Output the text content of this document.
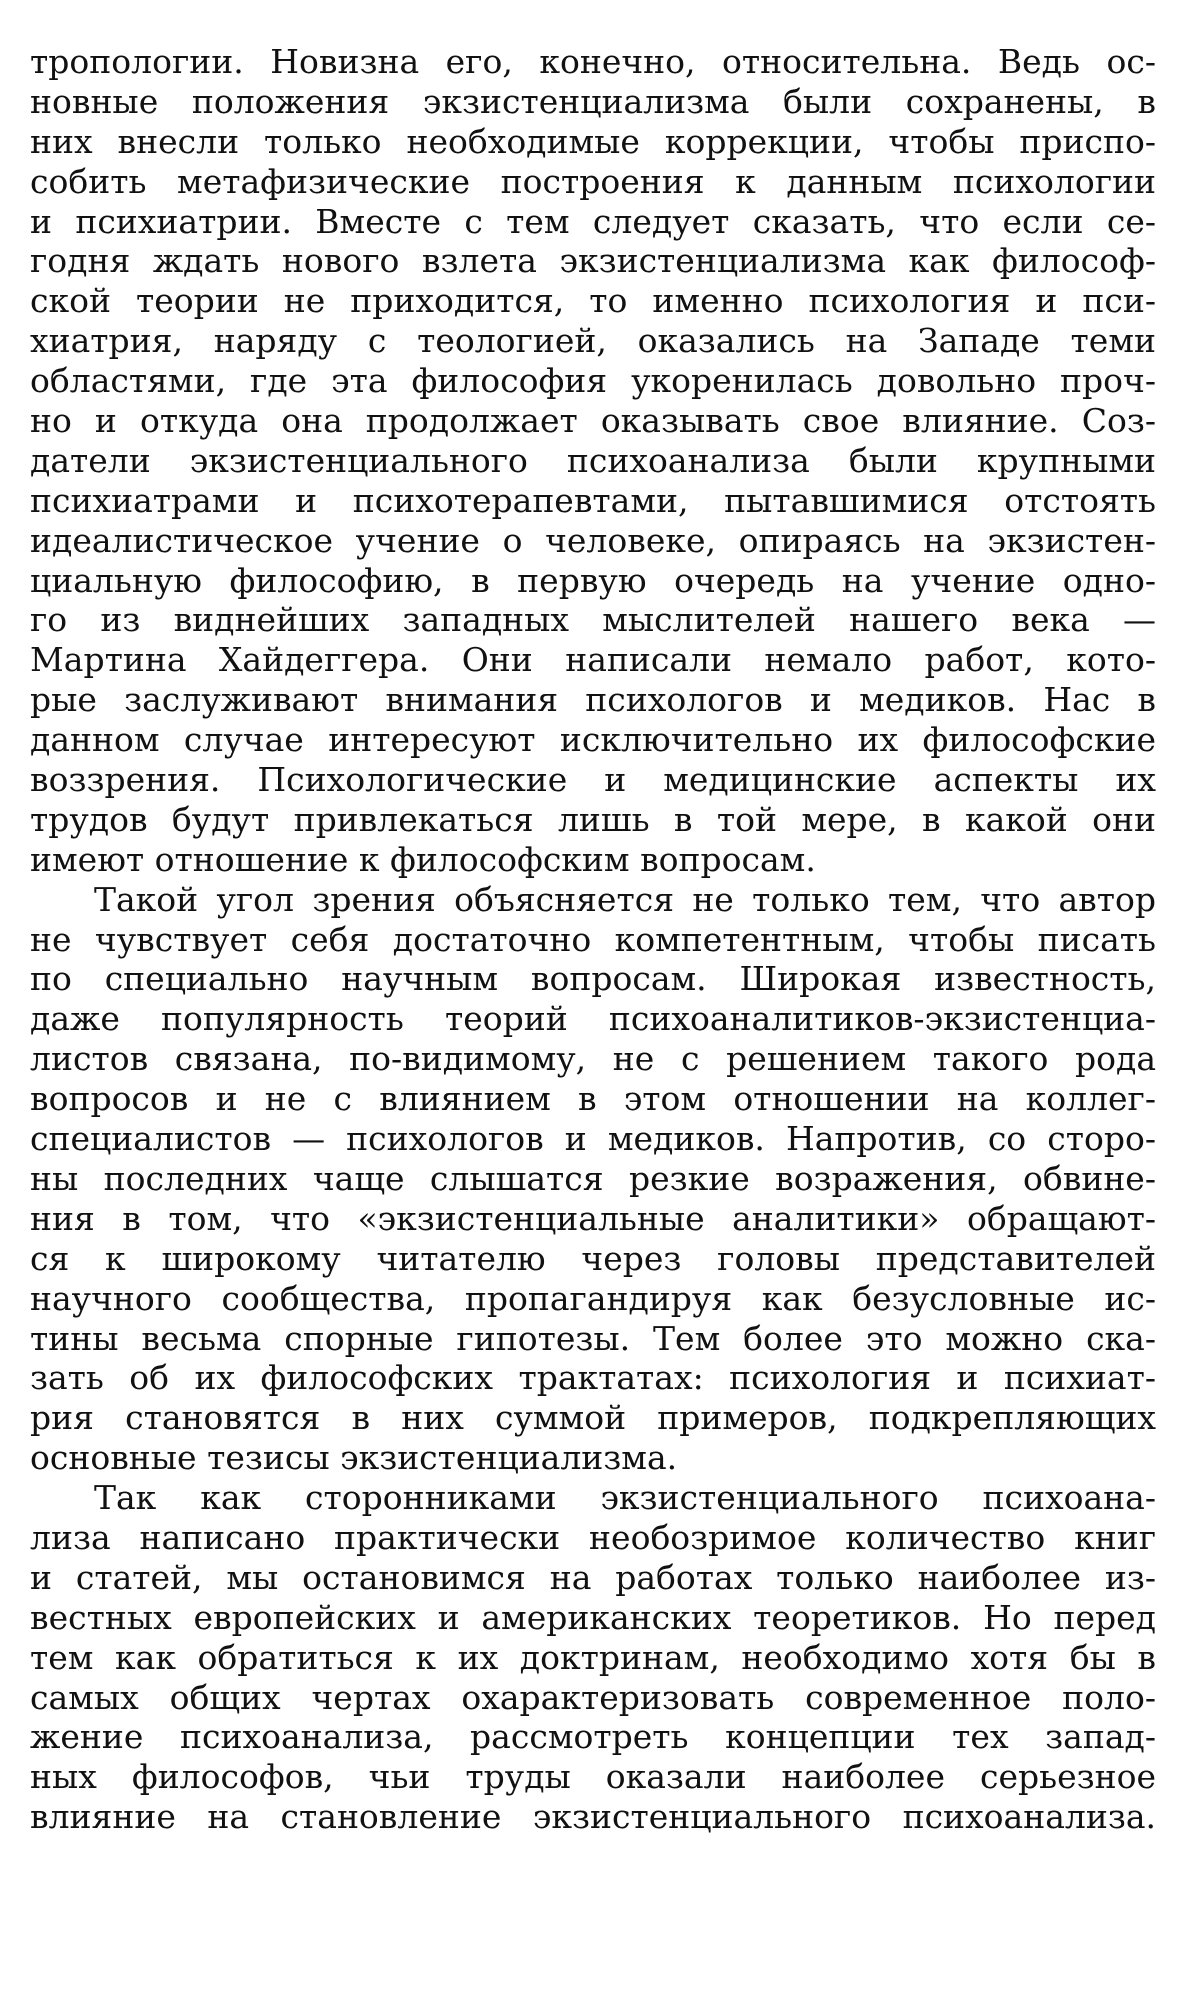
тропологии. Новизна его, конечно, относительна. Ведь ос-
новные положения экзистенциализма были сохранены, в
них внесли только необходимые коррекции, чтобы приспо-
собить метафизические построения к данным психологии
и психиатрии. Вместе с тем следует сказать, что если се-
годня ждать нового взлета экзистенциализма как философ-
ской теории не приходится, то именно психология и пси-
хиатрия, наряду с теологией, оказались на Западе теми
областями, где эта философия укоренилась довольно проч-
но и откуда она продолжает оказывать свое влияние. Соз-
датели экзистенциального психоанализа были крупными
психиатрами и психотерапевтами, пытавшимися отстоять
идеалистическое учение о человеке, опираясь на экзистен-
циальную философию, в первую очередь на учение одно-
го из виднейших западных мыслителей нашего века —
Мартина Хайдеггера. Они написали немало работ, кото-
рые заслуживают внимания психологов и медиков. Нас в
данном случае интересуют исключительно их философские
воззрения. Психологические и медицинские аспекты их
трудов будут привлекаться лишь в той мере, в какой они
имеют отношение к философским вопросам.
Такой угол зрения объясняется не только тем, что автор
не чувствует себя достаточно компетентным, чтобы писать
по специально научным вопросам. Широкая известность,
даже популярность теорий психоаналитиков-экзистенциа-
листов связана, по-видимому, не с решением такого рода
вопросов и не с влиянием в этом отношении на коллег-
специалистов — психологов и медиков. Напротив, со сторо-
ны последних чаще слышатся резкие возражения, обвине-
ния в том, что «экзистенциальные аналитики» обращают-
ся к широкому читателю через головы представителей
научного сообщества, пропагандируя как безусловные ис-
тины весьма спорные гипотезы. Тем более это можно ска-
зать об их философских трактатах: психология и психиат-
рия становятся в них суммой примеров, подкрепляющих
основные тезисы экзистенциализма.
Так как сторонниками экзистенциального психоана-
лиза написано практически необозримое количество книг
и статей, мы остановимся на работах только наиболее из-
вестных европейских и американских теоретиков. Но перед
тем как обратиться к их доктринам, необходимо хотя бы в
самых общих чертах охарактеризовать современное поло-
жение психоанализа, рассмотреть концепции тех запад-
ных философов, чьи труды оказали наиболее серьезное
влияние на становление экзистенциального психоанализа.
